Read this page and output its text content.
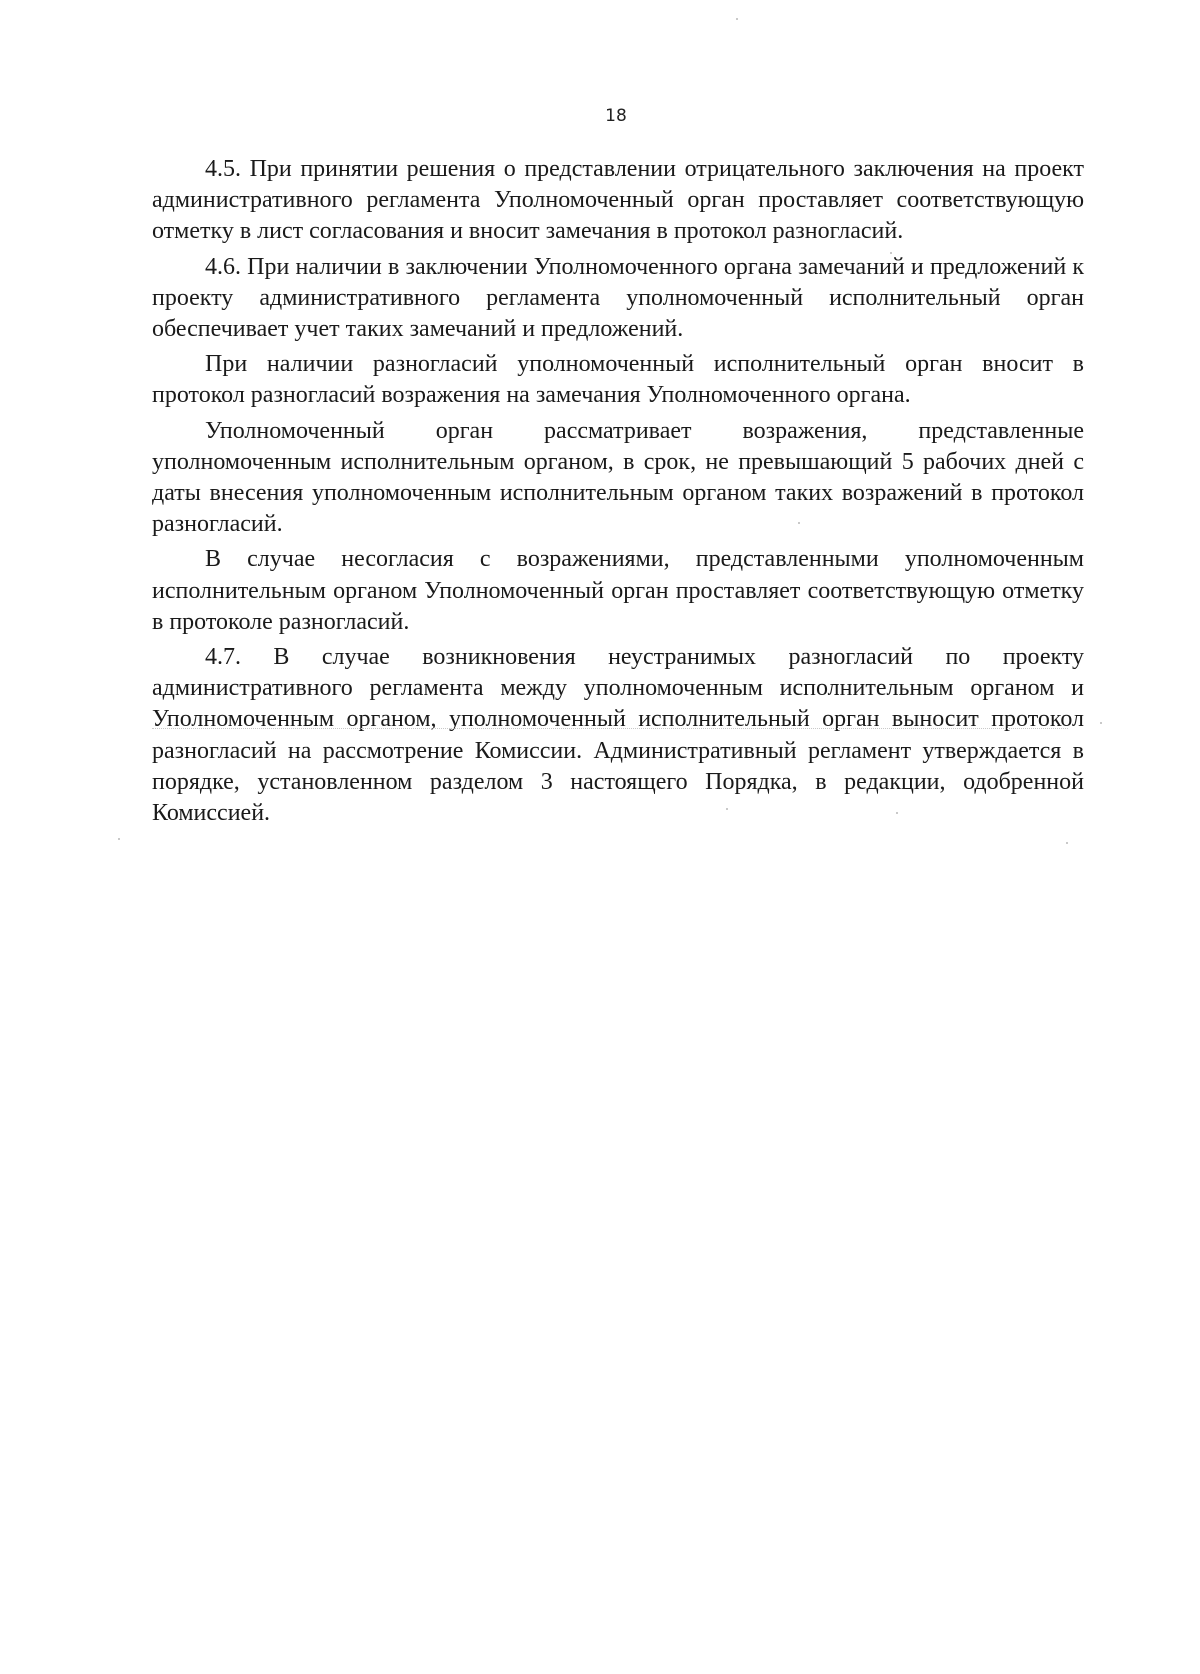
18

4.5. При принятии решения о представлении отрицательного заключения на проект административного регламента Уполномоченный орган проставляет соответствующую отметку в лист согласования и вносит замечания в протокол разногласий.

4.6. При наличии в заключении Уполномоченного органа замечаний и предложений к проекту административного регламента уполномоченный исполнительный орган обеспечивает учет таких замечаний и предложений.

При наличии разногласий уполномоченный исполнительный орган вносит в протокол разногласий возражения на замечания Уполномоченного органа.

Уполномоченный орган рассматривает возражения, представленные уполномоченным исполнительным органом, в срок, не превышающий 5 рабочих дней с даты внесения уполномоченным исполнительным органом таких возражений в протокол разногласий.

В случае несогласия с возражениями, представленными уполномоченным исполнительным органом Уполномоченный орган проставляет соответствующую отметку в протоколе разногласий.

4.7. В случае возникновения неустранимых разногласий по проекту административного регламента между уполномоченным исполнительным органом и Уполномоченным органом, уполномоченный исполнительный орган выносит протокол разногласий на рассмотрение Комиссии. Административный регламент утверждается в порядке, установленном разделом 3 настоящего Порядка, в редакции, одобренной Комиссией.
